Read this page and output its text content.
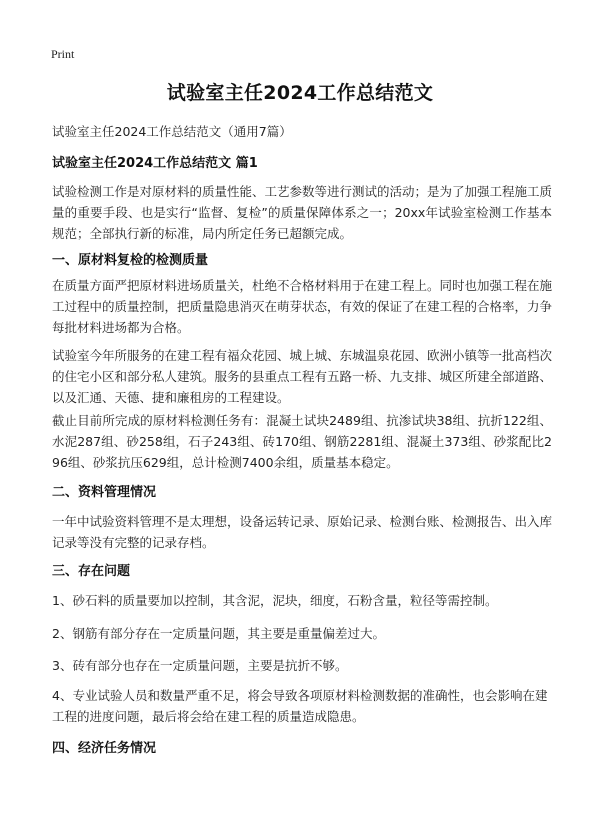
Print
试验室主任2024工作总结范文
试验室主任2024工作总结范文（通用7篇）
试验室主任2024工作总结范文 篇1
试验检测工作是对原材料的质量性能、工艺参数等进行测试的活动；是为了加强工程施工质量的重要手段、也是实行“监督、复检”的质量保障体系之一；20xx年试验室检测工作基本规范；全部执行新的标准，局内所定任务已超额完成。
一、原材料复检的检测质量
在质量方面严把原材料进场质量关，杜绝不合格材料用于在建工程上。同时也加强工程在施工过程中的质量控制，把质量隐患消灭在萌芽状态，有效的保证了在建工程的合格率，力争每批材料进场都为合格。
试验室今年所服务的在建工程有福众花园、城上城、东城温泉花园、欧洲小镇等一批高档次的住宅小区和部分私人建筑。服务的县重点工程有五路一桥、九支排、城区所建全部道路、以及汇通、天德、捷和廉租房的工程建设。
截止目前所完成的原材料检测任务有：混凝土试块2489组、抗渗试块38组、抗折122组、水泥287组、砂258组，石子243组、砖170组、钢筋2281组、混凝土373组、砂浆配比296组、砂浆抗压629组，总计检测7400余组，质量基本稳定。
二、资料管理情况
一年中试验资料管理不是太理想，设备运转记录、原始记录、检测台账、检测报告、出入库记录等没有完整的记录存档。
三、存在问题
1、砂石料的质量要加以控制，其含泥，泥块，细度，石粉含量，粒径等需控制。
2、钢筋有部分存在一定质量问题，其主要是重量偏差过大。
3、砖有部分也存在一定质量问题，主要是抗折不够。
4、专业试验人员和数量严重不足，将会导致各项原材料检测数据的准确性，也会影响在建工程的进度问题，最后将会给在建工程的质量造成隐患。
四、经济任务情况
